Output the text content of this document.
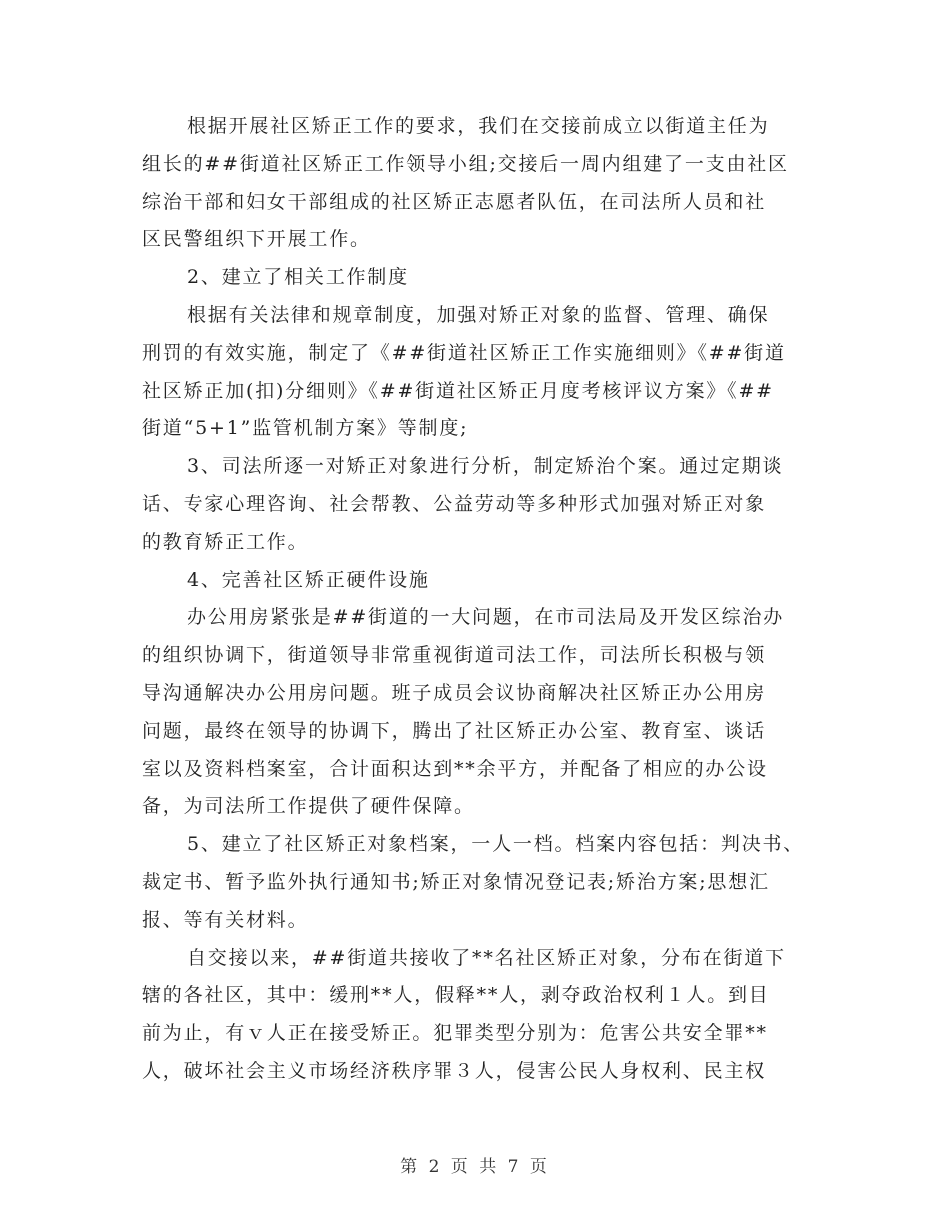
根据开展社区矫正工作的要求，我们在交接前成立以街道主任为
组长的##街道社区矫正工作领导小组;交接后一周内组建了一支由社区
综治干部和妇女干部组成的社区矫正志愿者队伍，在司法所人员和社
区民警组织下开展工作。
2、建立了相关工作制度
根据有关法律和规章制度，加强对矫正对象的监督、管理、确保
刑罚的有效实施，制定了《##街道社区矫正工作实施细则》《##街道
社区矫正加(扣)分细则》《##街道社区矫正月度考核评议方案》《##
街道“5+1”监管机制方案》等制度;
3、司法所逐一对矫正对象进行分析，制定矫治个案。通过定期谈
话、专家心理咨询、社会帮教、公益劳动等多种形式加强对矫正对象
的教育矫正工作。
4、完善社区矫正硬件设施
办公用房紧张是##街道的一大问题，在市司法局及开发区综治办
的组织协调下，街道领导非常重视街道司法工作，司法所长积极与领
导沟通解决办公用房问题。班子成员会议协商解决社区矫正办公用房
问题，最终在领导的协调下，腾出了社区矫正办公室、教育室、谈话
室以及资料档案室，合计面积达到**余平方，并配备了相应的办公设
备，为司法所工作提供了硬件保障。
5、建立了社区矫正对象档案，一人一档。档案内容包括：判决书、
裁定书、暂予监外执行通知书;矫正对象情况登记表;矫治方案;思想汇
报、等有关材料。
自交接以来，##街道共接收了**名社区矫正对象，分布在街道下
辖的各社区，其中：缓刑**人，假释**人，剥夺政治权利１人。到目
前为止，有ｖ人正在接受矫正。犯罪类型分别为：危害公共安全罪**
人，破坏社会主义市场经济秩序罪３人，侵害公民人身权利、民主权
第 2 页 共 7 页
